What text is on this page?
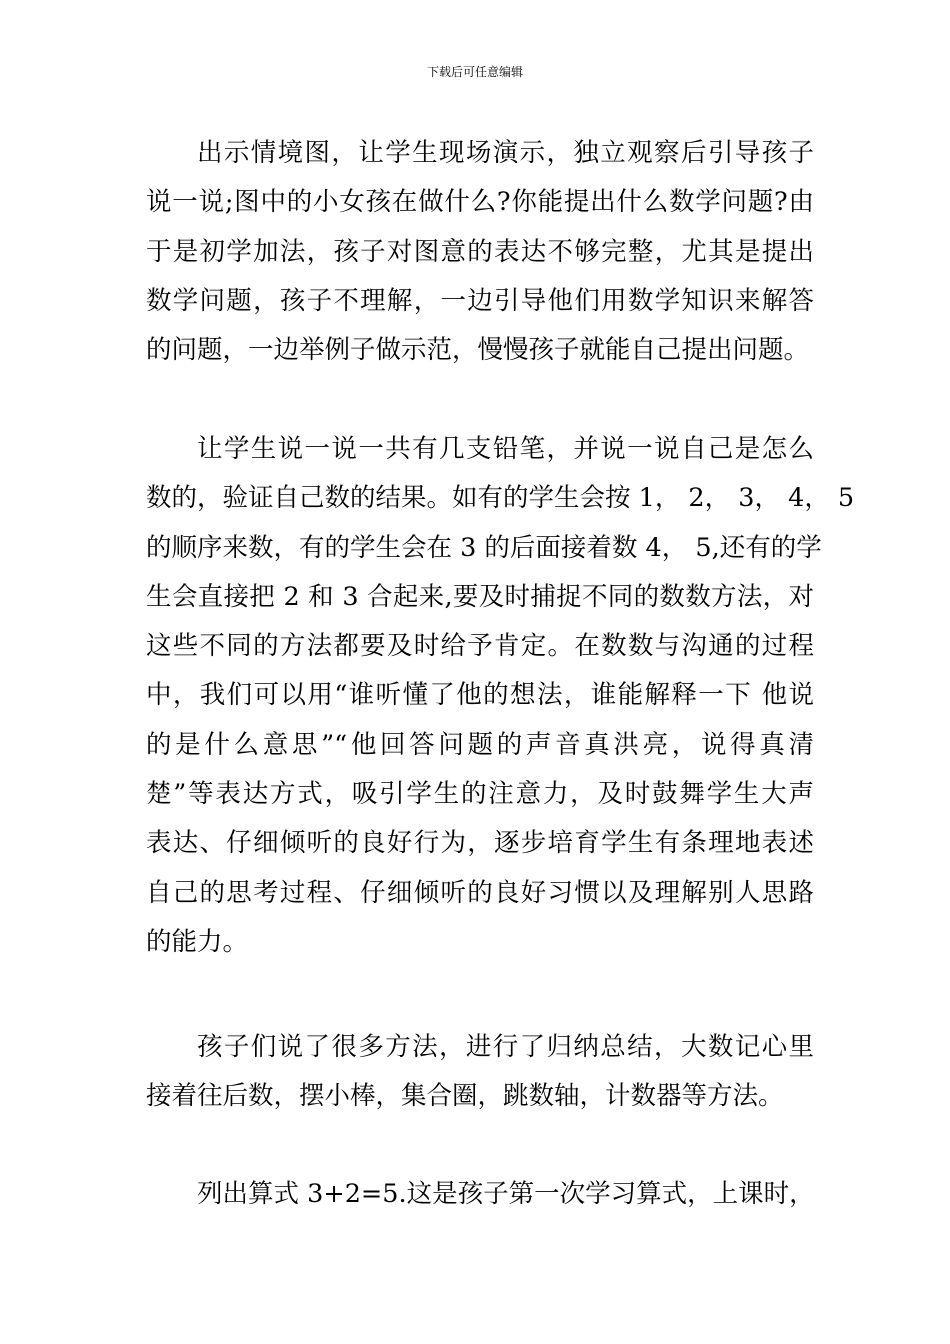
下载后可任意编辑
出示情境图，让学生现场演示，独立观察后引导孩子
说一说;图中的小女孩在做什么?你能提出什么数学问题?由
于是初学加法，孩子对图意的表达不够完整，尤其是提出
数学问题，孩子不理解，一边引导他们用数学知识来解答
的问题，一边举例子做示范，慢慢孩子就能自己提出问题。
让学生说一说一共有几支铅笔，并说一说自己是怎么
数的，验证自己数的结果。如有的学生会按 1， 2， 3， 4， 5
的顺序来数，有的学生会在 3 的后面接着数 4， 5,还有的学
生会直接把 2 和 3 合起来,要及时捕捉不同的数数方法，对
这些不同的方法都要及时给予肯定。在数数与沟通的过程
中，我们可以用“谁听懂了他的想法，谁能解释一下 他说
的是什么意思”“他回答问题的声音真洪亮，说得真清
楚”等表达方式，吸引学生的注意力，及时鼓舞学生大声
表达、仔细倾听的良好行为，逐步培育学生有条理地表述
自己的思考过程、仔细倾听的良好习惯以及理解别人思路
的能力。
孩子们说了很多方法，进行了归纳总结，大数记心里
接着往后数，摆小棒，集合圈，跳数轴，计数器等方法。
列出算式 3+2=5.这是孩子第一次学习算式，上课时，
